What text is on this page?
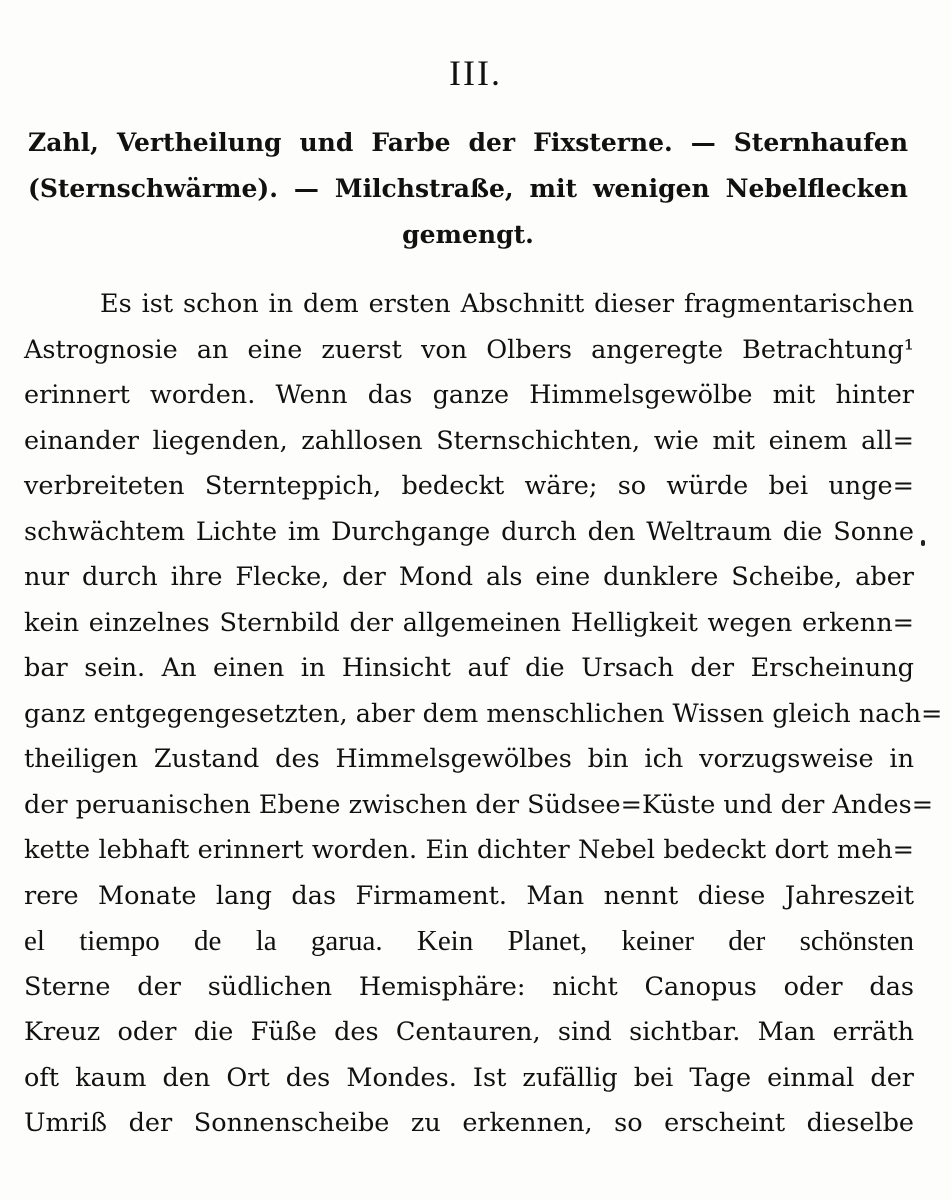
III.
Zahl, Vertheilung und Farbe der Fixsterne. — Sternhaufen
(Sternschwärme). — Milchstraße, mit wenigen Nebelflecken
gemengt.
Es ist schon in dem ersten Abschnitt dieser fragmentarischen
Astrognosie an eine zuerst von Olbers angeregte Betrachtung¹
erinnert worden. Wenn das ganze Himmelsgewölbe mit hinter
einander liegenden, zahllosen Sternschichten, wie mit einem all=
verbreiteten Sternteppich, bedeckt wäre; so würde bei unge=
schwächtem Lichte im Durchgange durch den Weltraum die Sonne
nur durch ihre Flecke, der Mond als eine dunklere Scheibe, aber
kein einzelnes Sternbild der allgemeinen Helligkeit wegen erkenn=
bar sein. An einen in Hinsicht auf die Ursach der Erscheinung
ganz entgegengesetzten, aber dem menschlichen Wissen gleich nach=
theiligen Zustand des Himmelsgewölbes bin ich vorzugsweise in
der peruanischen Ebene zwischen der Südsee=Küste und der Andes=
kette lebhaft erinnert worden. Ein dichter Nebel bedeckt dort meh=
rere Monate lang das Firmament. Man nennt diese Jahreszeit
el tiempo de la garua. Kein Planet, keiner der schönsten
Sterne der südlichen Hemisphäre: nicht Canopus oder das
Kreuz oder die Füße des Centauren, sind sichtbar. Man erräth
oft kaum den Ort des Mondes. Ist zufällig bei Tage einmal der
Umriß der Sonnenscheibe zu erkennen, so erscheint dieselbe
